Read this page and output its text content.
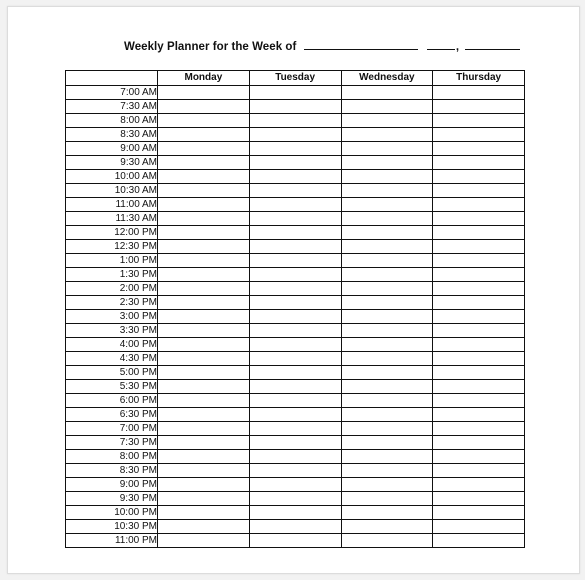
Weekly Planner for the Week of	,
	Monday	Tuesday	Wednesday	Thursday
7:00 AM				
7:30 AM				
8:00 AM				
8:30 AM				
9:00 AM				
9:30 AM				
10:00 AM				
10:30 AM				
11:00 AM				
11:30 AM				
12:00 PM				
12:30 PM				
1:00 PM				
1:30 PM				
2:00 PM				
2:30 PM				
3:00 PM				
3:30 PM				
4:00 PM				
4:30 PM				
5:00 PM				
5:30 PM				
6:00 PM				
6:30 PM				
7:00 PM				
7:30 PM				
8:00 PM				
8:30 PM				
9:00 PM				
9:30 PM				
10:00 PM				
10:30 PM				
11:00 PM				
